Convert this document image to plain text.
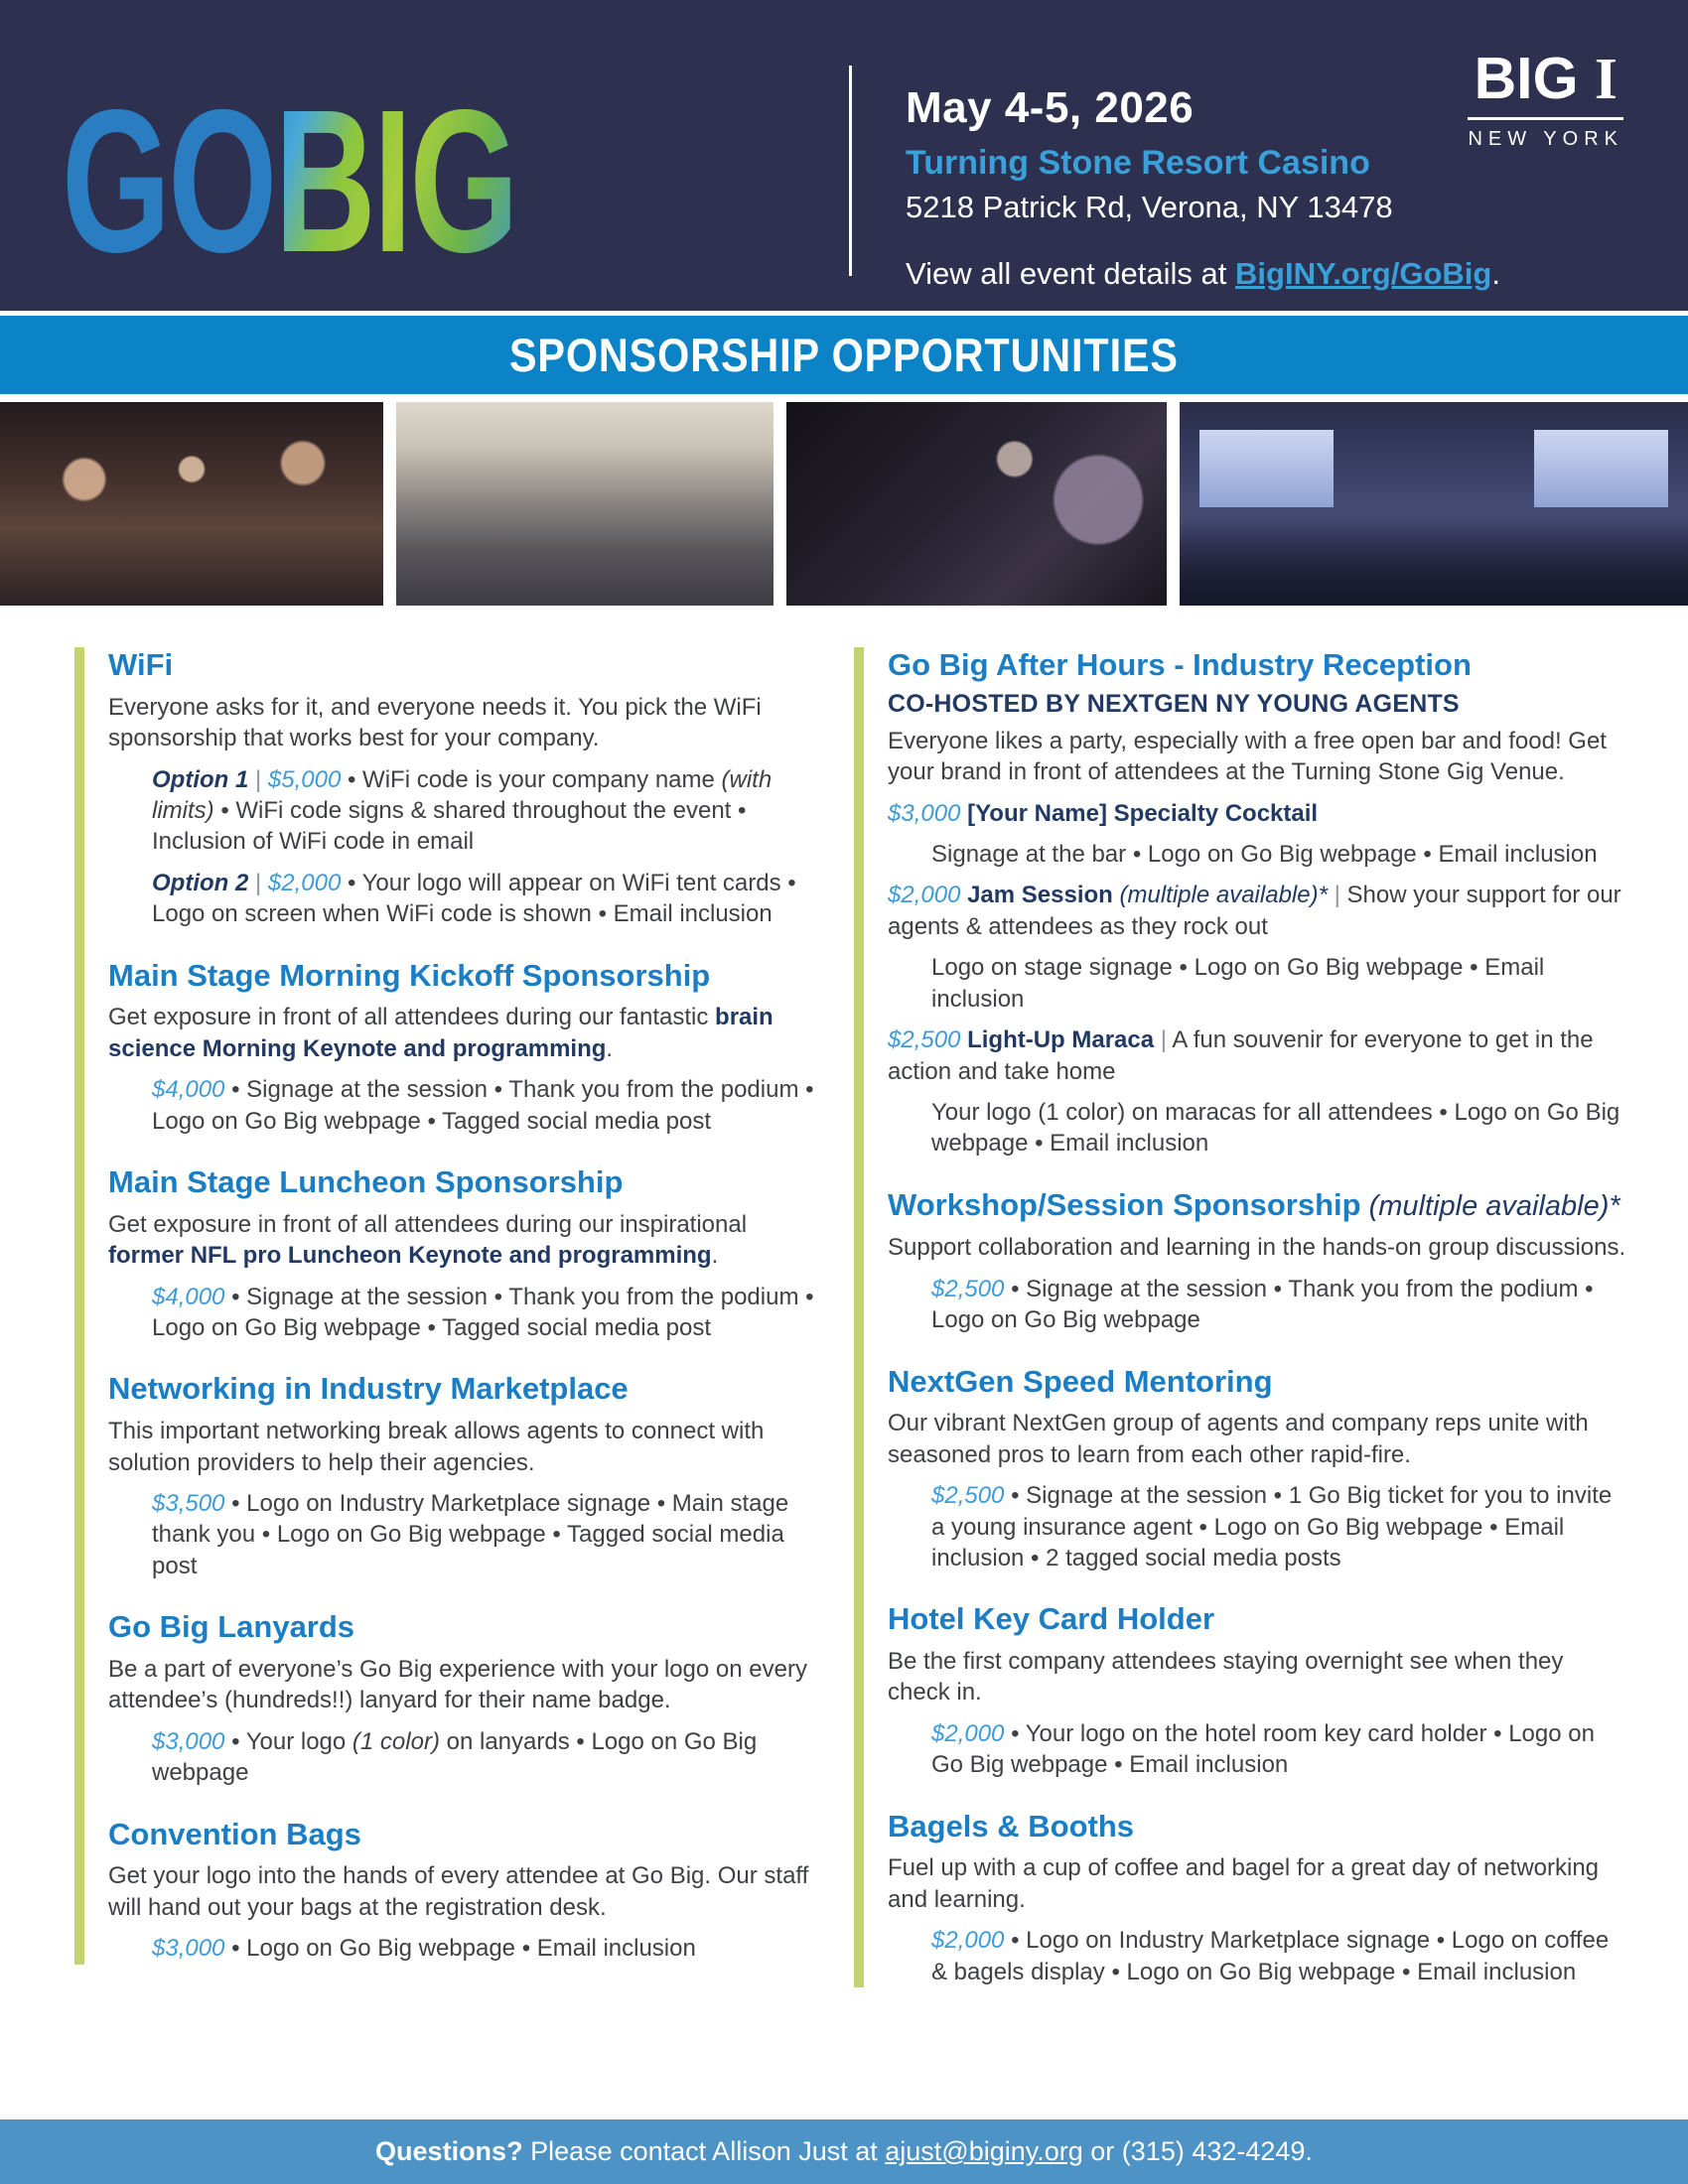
GOBIG	May 4-5, 2026
Turning Stone Resort Casino
5218 Patrick Rd, Verona, NY 13478
View all event details at BigINY.org/GoBig.
BIG I
NEW YORK
SPONSORSHIP OPPORTUNITIES
WiFi

Everyone asks for it, and everyone needs it. You pick the WiFi sponsorship that works best for your company.

Option 1 | $5,000 • WiFi code is your company name (with limits) • WiFi code signs & shared throughout the event • Inclusion of WiFi code in email

Option 2 | $2,000 • Your logo will appear on WiFi tent cards • Logo on screen when WiFi code is shown • Email inclusion

Main Stage Morning Kickoff Sponsorship

Get exposure in front of all attendees during our fantastic brain science Morning Keynote and programming.

$4,000 • Signage at the session • Thank you from the podium • Logo on Go Big webpage • Tagged social media post

Main Stage Luncheon Sponsorship

Get exposure in front of all attendees during our inspirational former NFL pro Luncheon Keynote and programming.

$4,000 • Signage at the session • Thank you from the podium • Logo on Go Big webpage • Tagged social media post

Networking in Industry Marketplace

This important networking break allows agents to connect with solution providers to help their agencies.

$3,500 • Logo on Industry Marketplace signage • Main stage thank you • Logo on Go Big webpage • Tagged social media post

Go Big Lanyards

Be a part of everyone’s Go Big experience with your logo on every attendee’s (hundreds!!) lanyard for their name badge.

$3,000 • Your logo (1 color) on lanyards • Logo on Go Big webpage

Convention Bags

Get your logo into the hands of every attendee at Go Big. Our staff will hand out your bags at the registration desk.

$3,000 • Logo on Go Big webpage • Email inclusion

Go Big After Hours - Industry Reception
CO-HOSTED BY NEXTGEN NY YOUNG AGENTS

Everyone likes a party, especially with a free open bar and food! Get your brand in front of attendees at the Turning Stone Gig Venue.

$3,000 [Your Name] Specialty Cocktail

Signage at the bar • Logo on Go Big webpage • Email inclusion

$2,000 Jam Session (multiple available)* | Show your support for our agents & attendees as they rock out

Logo on stage signage • Logo on Go Big webpage • Email inclusion

$2,500 Light-Up Maraca | A fun souvenir for everyone to get in the action and take home

Your logo (1 color) on maracas for all attendees • Logo on Go Big webpage • Email inclusion

Workshop/Session Sponsorship (multiple available)*

Support collaboration and learning in the hands-on group discussions.

$2,500 • Signage at the session • Thank you from the podium • Logo on Go Big webpage

NextGen Speed Mentoring

Our vibrant NextGen group of agents and company reps unite with seasoned pros to learn from each other rapid-fire.

$2,500 • Signage at the session • 1 Go Big ticket for you to invite a young insurance agent • Logo on Go Big webpage • Email inclusion • 2 tagged social media posts

Hotel Key Card Holder

Be the first company attendees staying overnight see when they check in.

$2,000 • Your logo on the hotel room key card holder • Logo on Go Big webpage • Email inclusion

Bagels & Booths

Fuel up with a cup of coffee and bagel for a great day of networking and learning.

$2,000 • Logo on Industry Marketplace signage • Logo on coffee & bagels display • Logo on Go Big webpage • Email inclusion

Questions? Please contact Allison Just at ajust@biginy.org or (315) 432-4249.
